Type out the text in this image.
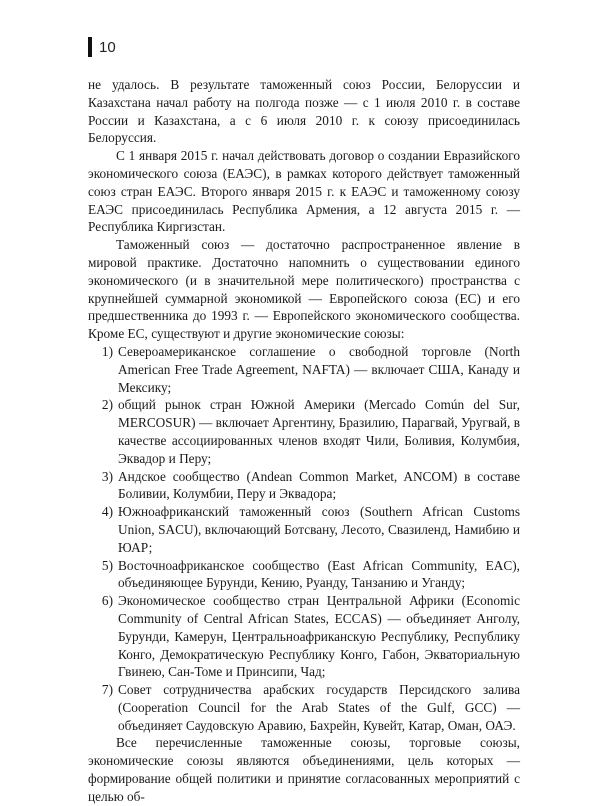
10

не удалось. В результате таможенный союз России, Белоруссии и Казахстана начал работу на полгода позже — с 1 июля 2010 г. в составе России и Казахстана, а с 6 июля 2010 г. к союзу присоединилась Белоруссия.

С 1 января 2015 г. начал действовать договор о создании Евразийского экономического союза (ЕАЭС), в рамках которого действует таможенный союз стран ЕАЭС. Второго января 2015 г. к ЕАЭС и таможенному союзу ЕАЭС присоединилась Республика Армения, а 12 августа 2015 г. — Республика Киргизстан.

Таможенный союз — достаточно распространенное явление в мировой практике. Достаточно напомнить о существовании единого экономического (и в значительной мере политического) пространства с крупнейшей суммарной экономикой — Европейского союза (ЕС) и его предшественника до 1993 г. — Европейского экономического сообщества. Кроме ЕС, существуют и другие экономические союзы:

1) Североамериканское соглашение о свободной торговле (North American Free Trade Agreement, NAFTA) — включает США, Канаду и Мексику;
2) общий рынок стран Южной Америки (Mercado Común del Sur, MERCOSUR) — включает Аргентину, Бразилию, Парагвай, Уругвай, в качестве ассоциированных членов входят Чили, Боливия, Колумбия, Эквадор и Перу;
3) Андское сообщество (Andean Common Market, ANCOM) в составе Боливии, Колумбии, Перу и Эквадора;
4) Южноафриканский таможенный союз (Southern African Customs Union, SACU), включающий Ботсвану, Лесото, Свазиленд, Намибию и ЮАР;
5) Восточноафриканское сообщество (East African Community, EAC), объединяющее Бурунди, Кению, Руанду, Танзанию и Уганду;
6) Экономическое сообщество стран Центральной Африки (Economic Community of Central African States, ECCAS) — объединяет Анголу, Бурунди, Камерун, Центральноафриканскую Республику, Республику Конго, Демократическую Республику Конго, Габон, Экваториальную Гвинею, Сан-Томе и Принсипи, Чад;
7) Совет сотрудничества арабских государств Персидского залива (Cooperation Council for the Arab States of the Gulf, GCC) — объединяет Саудовскую Аравию, Бахрейн, Кувейт, Катар, Оман, ОАЭ.

Все перечисленные таможенные союзы, торговые союзы, экономические союзы являются объединениями, цель которых — формирование общей политики и принятие согласованных мероприятий с целью об-
